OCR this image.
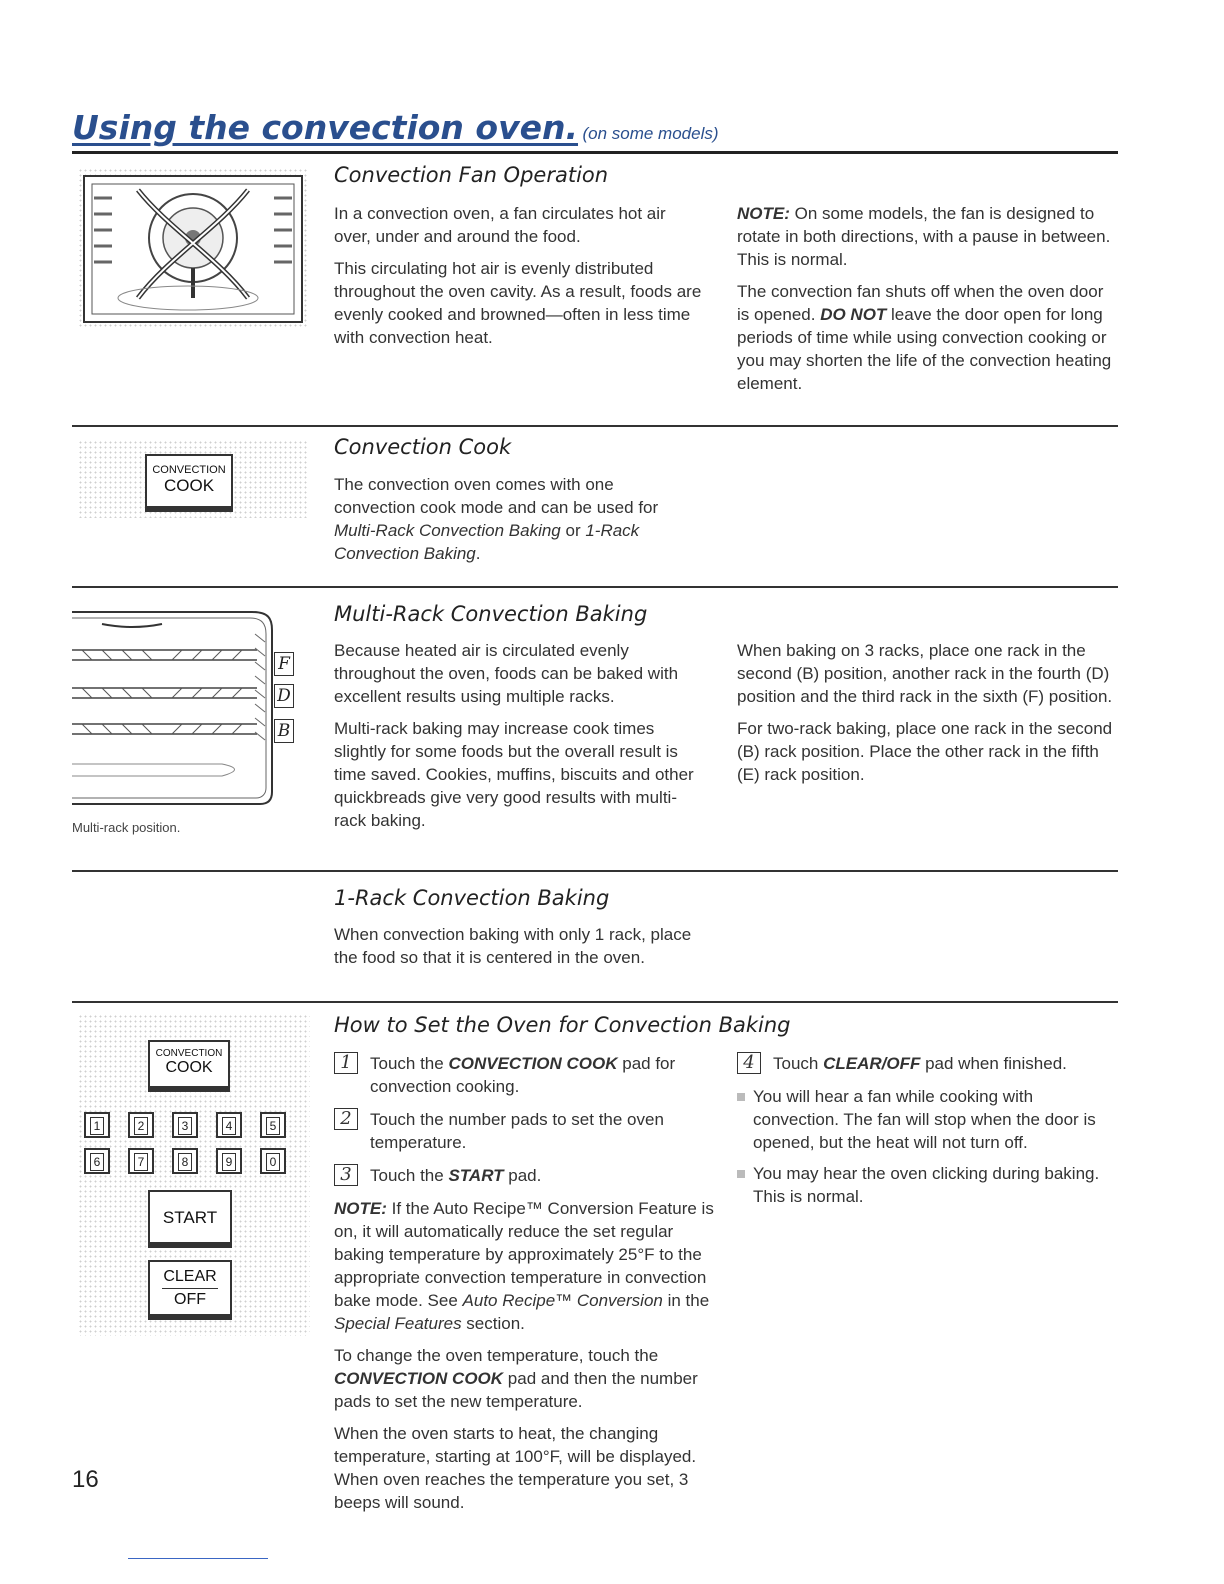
Using the convection oven. (on some models)
Convection Fan Operation

In a convection oven, a fan circulates hot air over, under and around the food.

This circulating hot air is evenly distributed throughout the oven cavity. As a result, foods are evenly cooked and browned—often in less time with convection heat.

NOTE: On some models, the fan is designed to rotate in both directions, with a pause in between. This is normal.

The convection fan shuts off when the oven door is opened. DO NOT leave the door open for long periods of time while using convection cooking or you may shorten the life of the convection heating element.

CONVECTION
COOK
Convection Cook

The convection oven comes with one convection cook mode and can be used for Multi-Rack Convection Baking or 1-Rack Convection Baking.

F
D
B
Multi-rack position.
Multi-Rack Convection Baking

Because heated air is circulated evenly throughout the oven, foods can be baked with excellent results using multiple racks.

Multi-rack baking may increase cook times slightly for some foods but the overall result is time saved. Cookies, muffins, biscuits and other quickbreads give very good results with multi-rack baking.

When baking on 3 racks, place one rack in the second (B) position, another rack in the fourth (D) position and the third rack in the sixth (F) position.

For two-rack baking, place one rack in the second (B) rack position. Place the other rack in the fifth (E) rack position.

1-Rack Convection Baking
When convection baking with only 1 rack, place the food so that it is centered in the oven.
CONVECTION
COOK
1	2	3	4	5
6	7	8	9	0
START
CLEAR
OFF
How to Set the Oven for Convection Baking
1	Touch the CONVECTION COOK pad for convection cooking.
2	Touch the number pads to set the oven temperature.
3	Touch the START pad.

NOTE: If the Auto Recipe™ Conversion Feature is on, it will automatically reduce the set regular baking temperature by approximately 25°F to the appropriate convection temperature in convection bake mode. See Auto Recipe™ Conversion in the Special Features section.

To change the oven temperature, touch the CONVECTION COOK pad and then the number pads to set the new temperature.

When the oven starts to heat, the changing temperature, starting at 100°F, will be displayed. When oven reaches the temperature you set, 3 beeps will sound.

4	Touch CLEAR/OFF pad when finished.
You will hear a fan while cooking with convection. The fan will stop when the door is opened, but the heat will not turn off.
You may hear the oven clicking during baking. This is normal.
16
